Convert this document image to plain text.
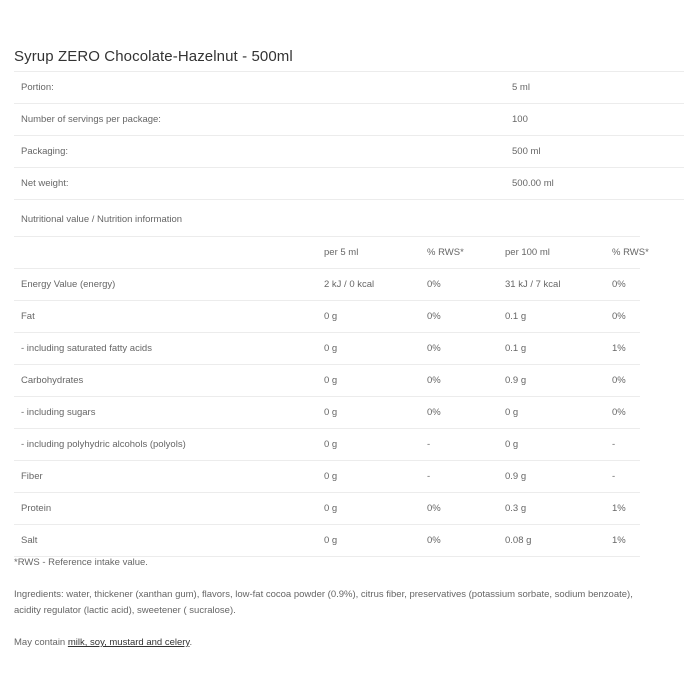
Syrup ZERO Chocolate-Hazelnut - 500ml
Portion:	5 ml
Number of servings per package:	100
Packaging:	500 ml
Net weight:	500.00 ml
Nutritional value / Nutrition information
per 5 ml	% RWS*	per 100 ml	% RWS*
Energy Value (energy)	2 kJ / 0 kcal	0%	31 kJ / 7 kcal	0%
Fat	0 g	0%	0.1 g	0%
- including saturated fatty acids	0 g	0%	0.1 g	1%
Carbohydrates	0 g	0%	0.9 g	0%
- including sugars	0 g	0%	0 g	0%
- including polyhydric alcohols (polyols)	0 g	-	0 g	-
Fiber	0 g	-	0.9 g	-
Protein	0 g	0%	0.3 g	1%
Salt	0 g	0%	0.08 g	1%
*RWS - Reference intake value.
Ingredients: water, thickener (xanthan gum), flavors, low-fat cocoa powder (0.9%), citrus fiber, preservatives (potassium sorbate, sodium benzoate),
acidity regulator (lactic acid), sweetener ( sucralose).
May contain milk, soy, mustard and celery.
